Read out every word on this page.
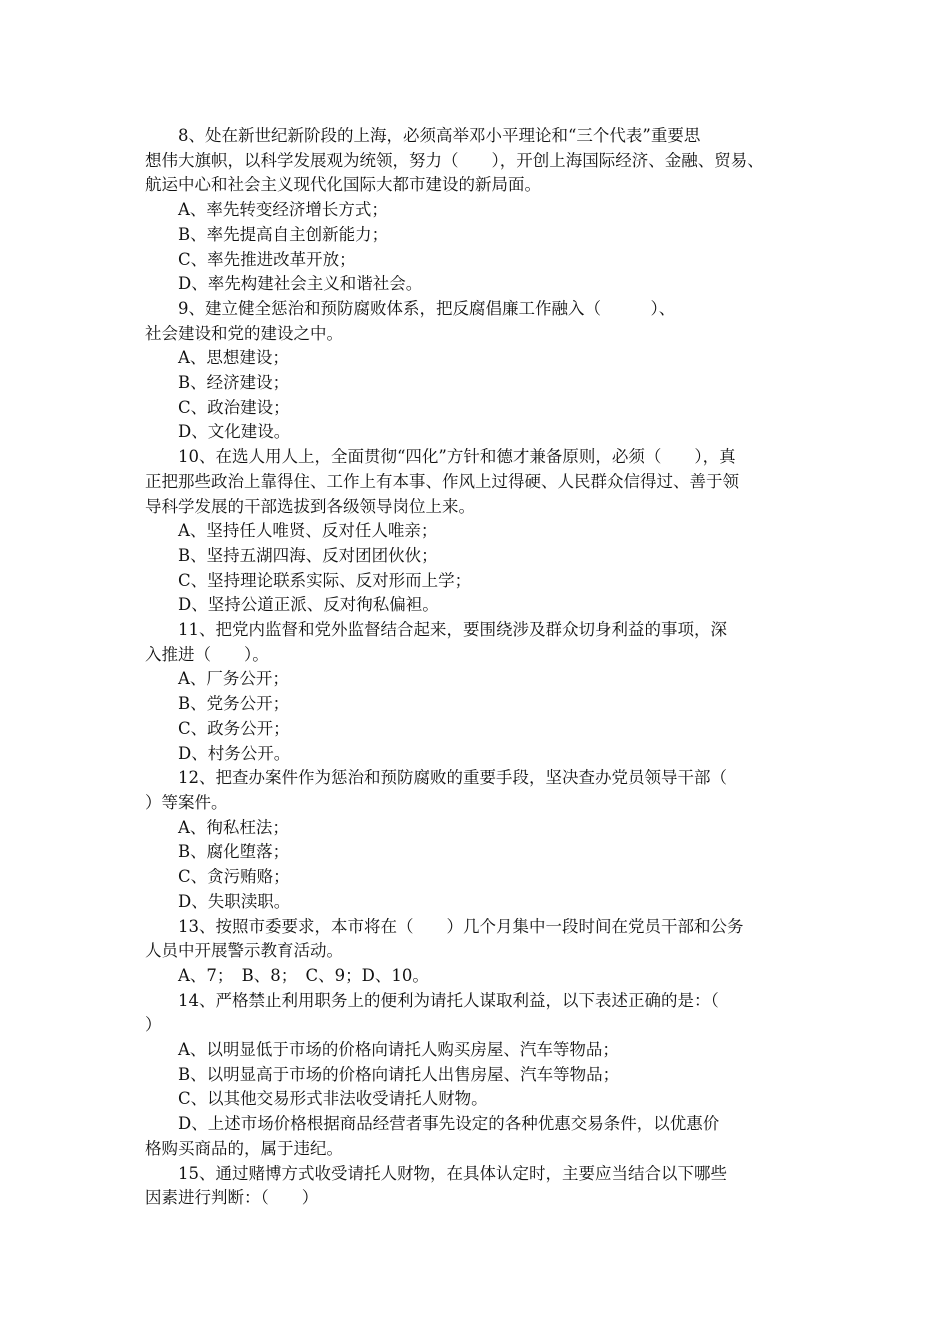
8、处在新世纪新阶段的上海，必须高举邓小平理论和“三个代表”重要思

想伟大旗帜，以科学发展观为统领，努力（　　），开创上海国际经济、金融、贸易、

航运中心和社会主义现代化国际大都市建设的新局面。

A、率先转变经济增长方式；

B、率先提高自主创新能力；

C、率先推进改革开放；

D、率先构建社会主义和谐社会。

9、建立健全惩治和预防腐败体系，把反腐倡廉工作融入（　　　）、

社会建设和党的建设之中。

A、思想建设；

B、经济建设；

C、政治建设；

D、文化建设。

10、在选人用人上，全面贯彻“四化”方针和德才兼备原则，必须（　　），真

正把那些政治上靠得住、工作上有本事、作风上过得硬、人民群众信得过、善于领

导科学发展的干部选拔到各级领导岗位上来。

A、坚持任人唯贤、反对任人唯亲；

B、坚持五湖四海、反对团团伙伙；

C、坚持理论联系实际、反对形而上学；

D、坚持公道正派、反对徇私偏袒。

11、把党内监督和党外监督结合起来，要围绕涉及群众切身利益的事项，深

入推进（　　）。

A、厂务公开；

B、党务公开；

C、政务公开；

D、村务公开。

12、把查办案件作为惩治和预防腐败的重要手段，坚决查办党员领导干部（

）等案件。

A、徇私枉法；

B、腐化堕落；

C、贪污贿赂；

D、失职渎职。

13、按照市委要求，本市将在（　　）几个月集中一段时间在党员干部和公务

人员中开展警示教育活动。

A、7；　B、8；　C、9；D、10。

14、严格禁止利用职务上的便利为请托人谋取利益，以下表述正确的是：（

）

A、以明显低于市场的价格向请托人购买房屋、汽车等物品；

B、以明显高于市场的价格向请托人出售房屋、汽车等物品；

C、以其他交易形式非法收受请托人财物。

D、上述市场价格根据商品经营者事先设定的各种优惠交易条件，以优惠价

格购买商品的，属于违纪。

15、通过赌博方式收受请托人财物，在具体认定时，主要应当结合以下哪些

因素进行判断：（　　）
